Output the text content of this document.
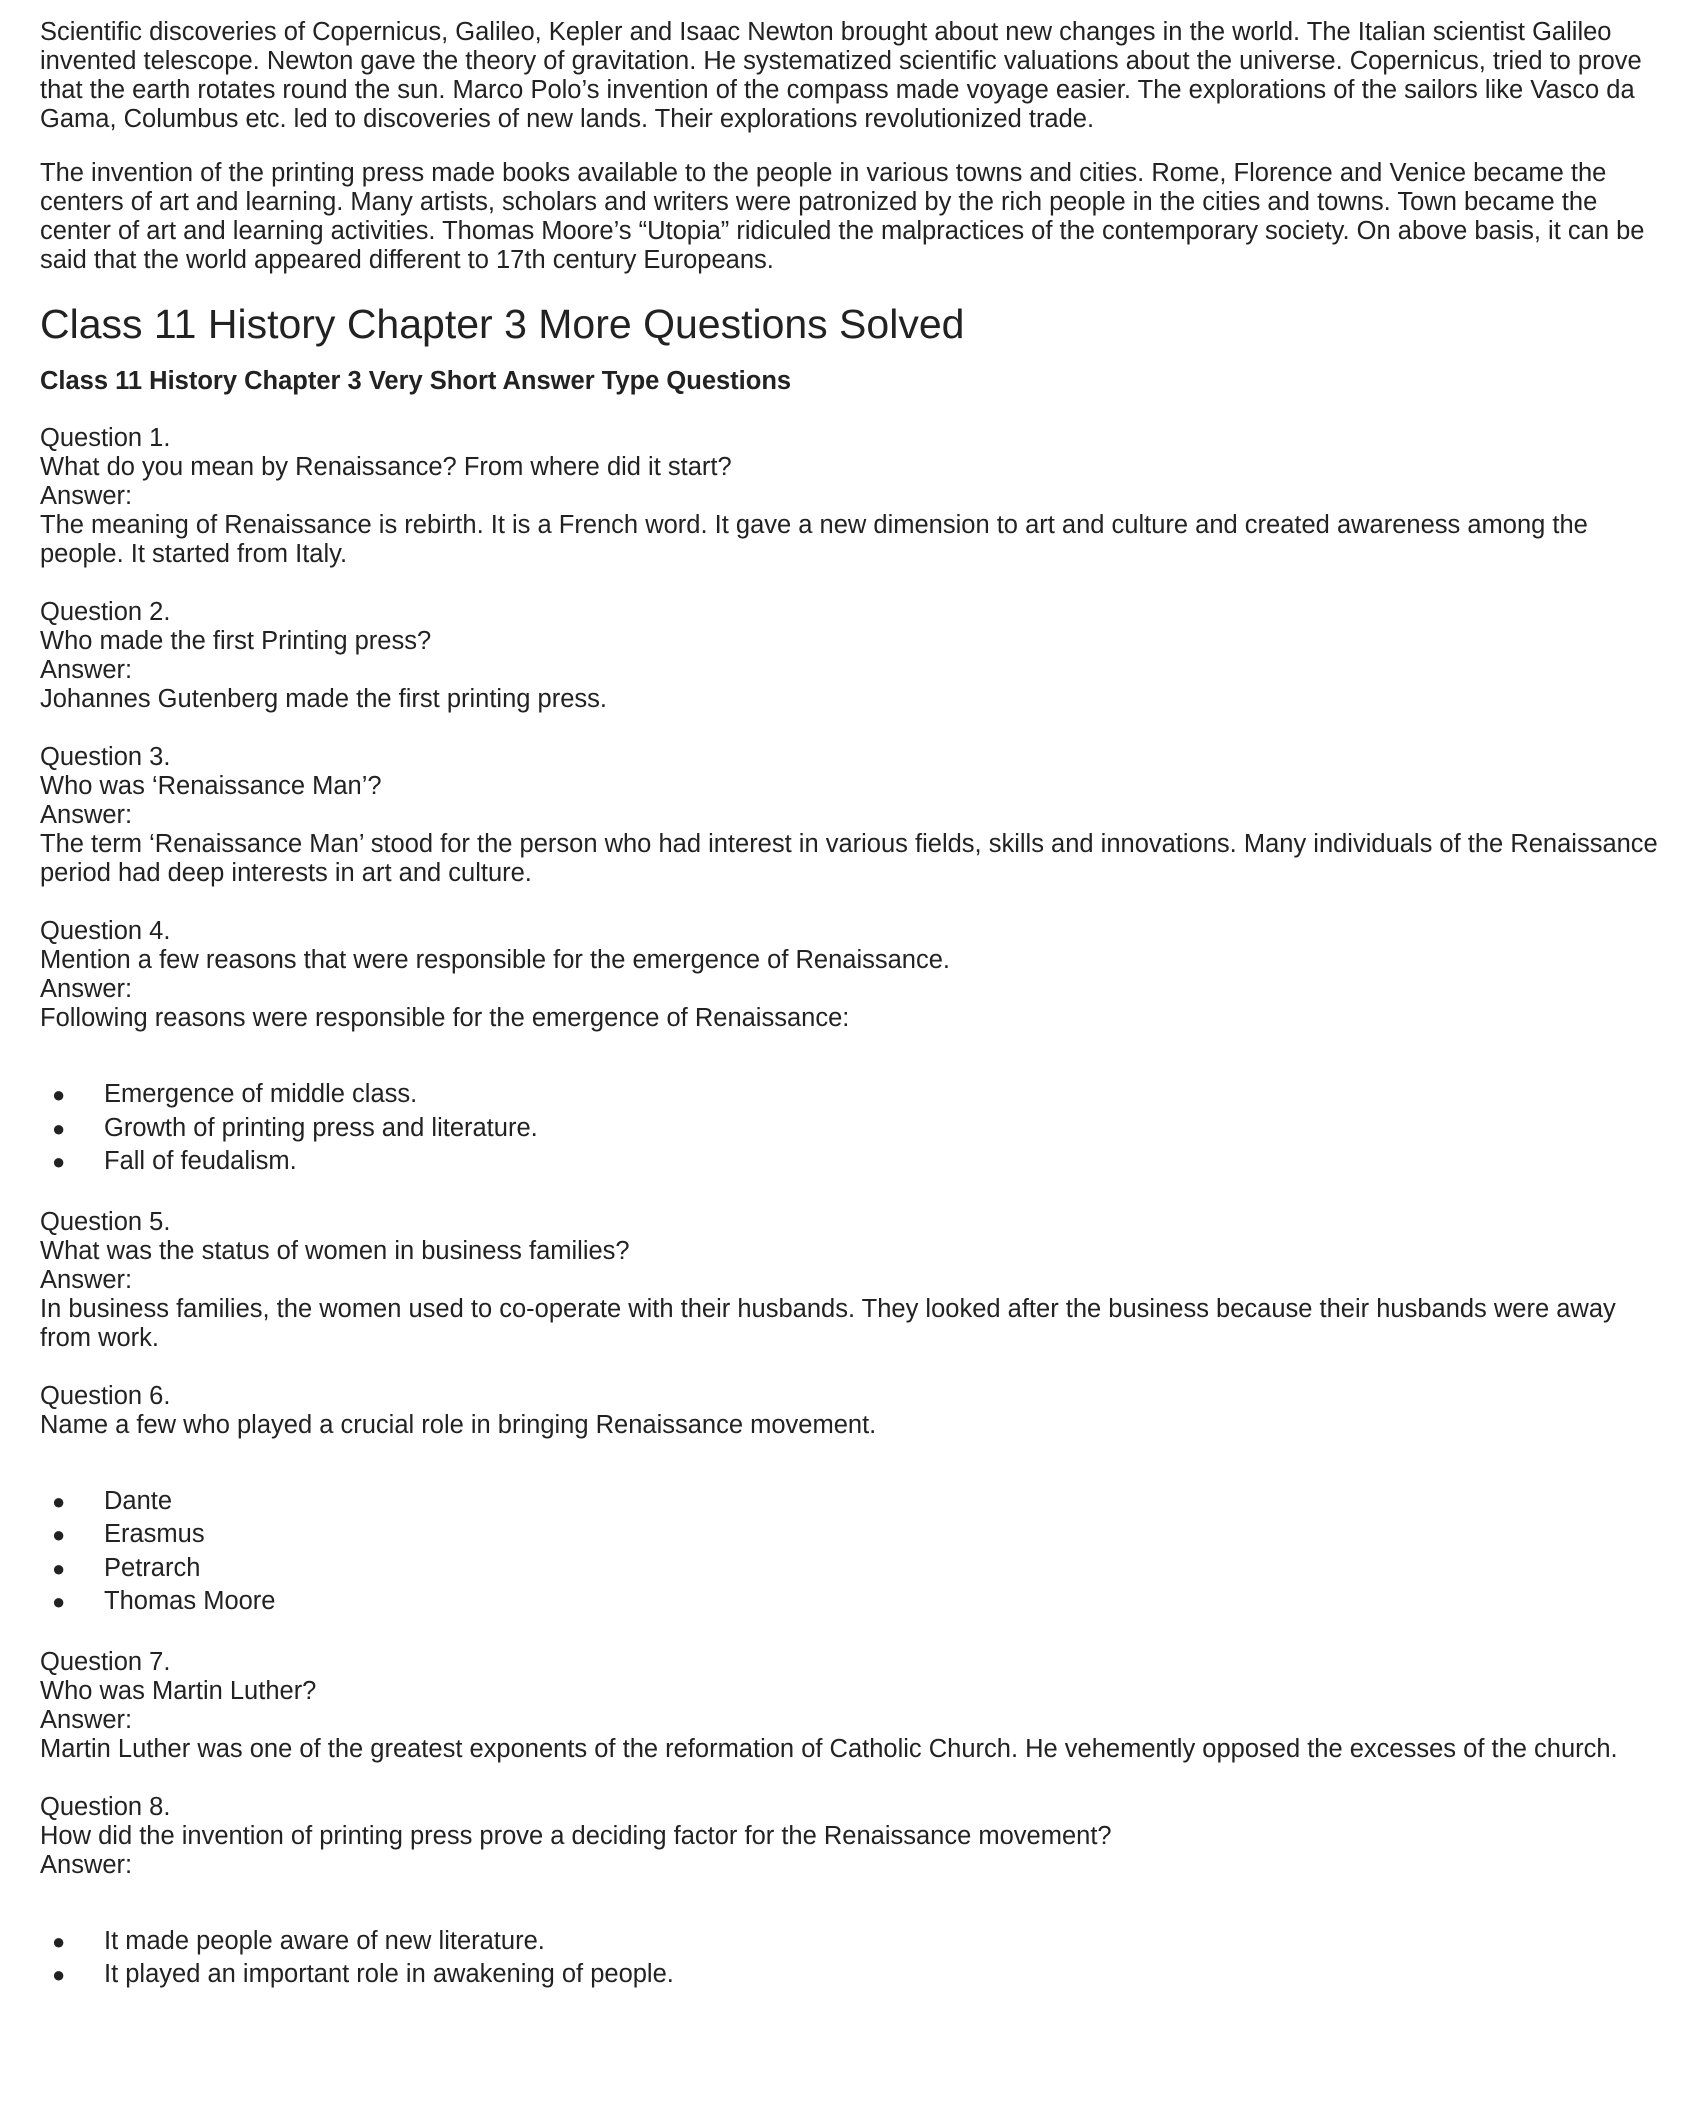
Scientific discoveries of Copernicus, Galileo, Kepler and Isaac Newton brought about new changes in the world. The Italian scientist Galileo invented telescope. Newton gave the theory of gravitation. He systematized scientific valuations about the universe. Copernicus, tried to prove that the earth rotates round the sun. Marco Polo’s invention of the compass made voyage easier. The explorations of the sailors like Vasco da Gama, Columbus etc. led to discoveries of new lands. Their explorations revolutionized trade.

The invention of the printing press made books available to the people in various towns and cities. Rome, Florence and Venice became the centers of art and learning. Many artists, scholars and writers were patronized by the rich people in the cities and towns. Town became the center of art and learning activities. Thomas Moore’s “Utopia” ridiculed the malpractices of the contemporary society. On above basis, it can be said that the world appeared different to 17th century Europeans.

Class 11 History Chapter 3 More Questions Solved
Class 11 History Chapter 3 Very Short Answer Type Questions

Question 1.

What do you mean by Renaissance? From where did it start?

Answer:

The meaning of Renaissance is rebirth. It is a French word. It gave a new dimension to art and culture and created awareness among the people. It started from Italy.

Question 2.

Who made the first Printing press?

Answer:

Johannes Gutenberg made the first printing press.

Question 3.

Who was ‘Renaissance Man’?

Answer:

The term ‘Renaissance Man’ stood for the person who had interest in various fields, skills and innovations. Many individuals of the Renaissance period had deep interests in art and culture.

Question 4.

Mention a few reasons that were responsible for the emergence of Renaissance.

Answer:

Following reasons were responsible for the emergence of Renaissance:

● Emergence of middle class.
● Growth of printing press and literature.
● Fall of feudalism.

Question 5.

What was the status of women in business families?

Answer:

In business families, the women used to co-operate with their husbands. They looked after the business because their husbands were away from work.

Question 6.

Name a few who played a crucial role in bringing Renaissance movement.

● Dante
● Erasmus
● Petrarch
● Thomas Moore

Question 7.

Who was Martin Luther?

Answer:

Martin Luther was one of the greatest exponents of the reformation of Catholic Church. He vehemently opposed the excesses of the church.

Question 8.

How did the invention of printing press prove a deciding factor for the Renaissance movement?

Answer:

● It made people aware of new literature.
● It played an important role in awakening of people.
